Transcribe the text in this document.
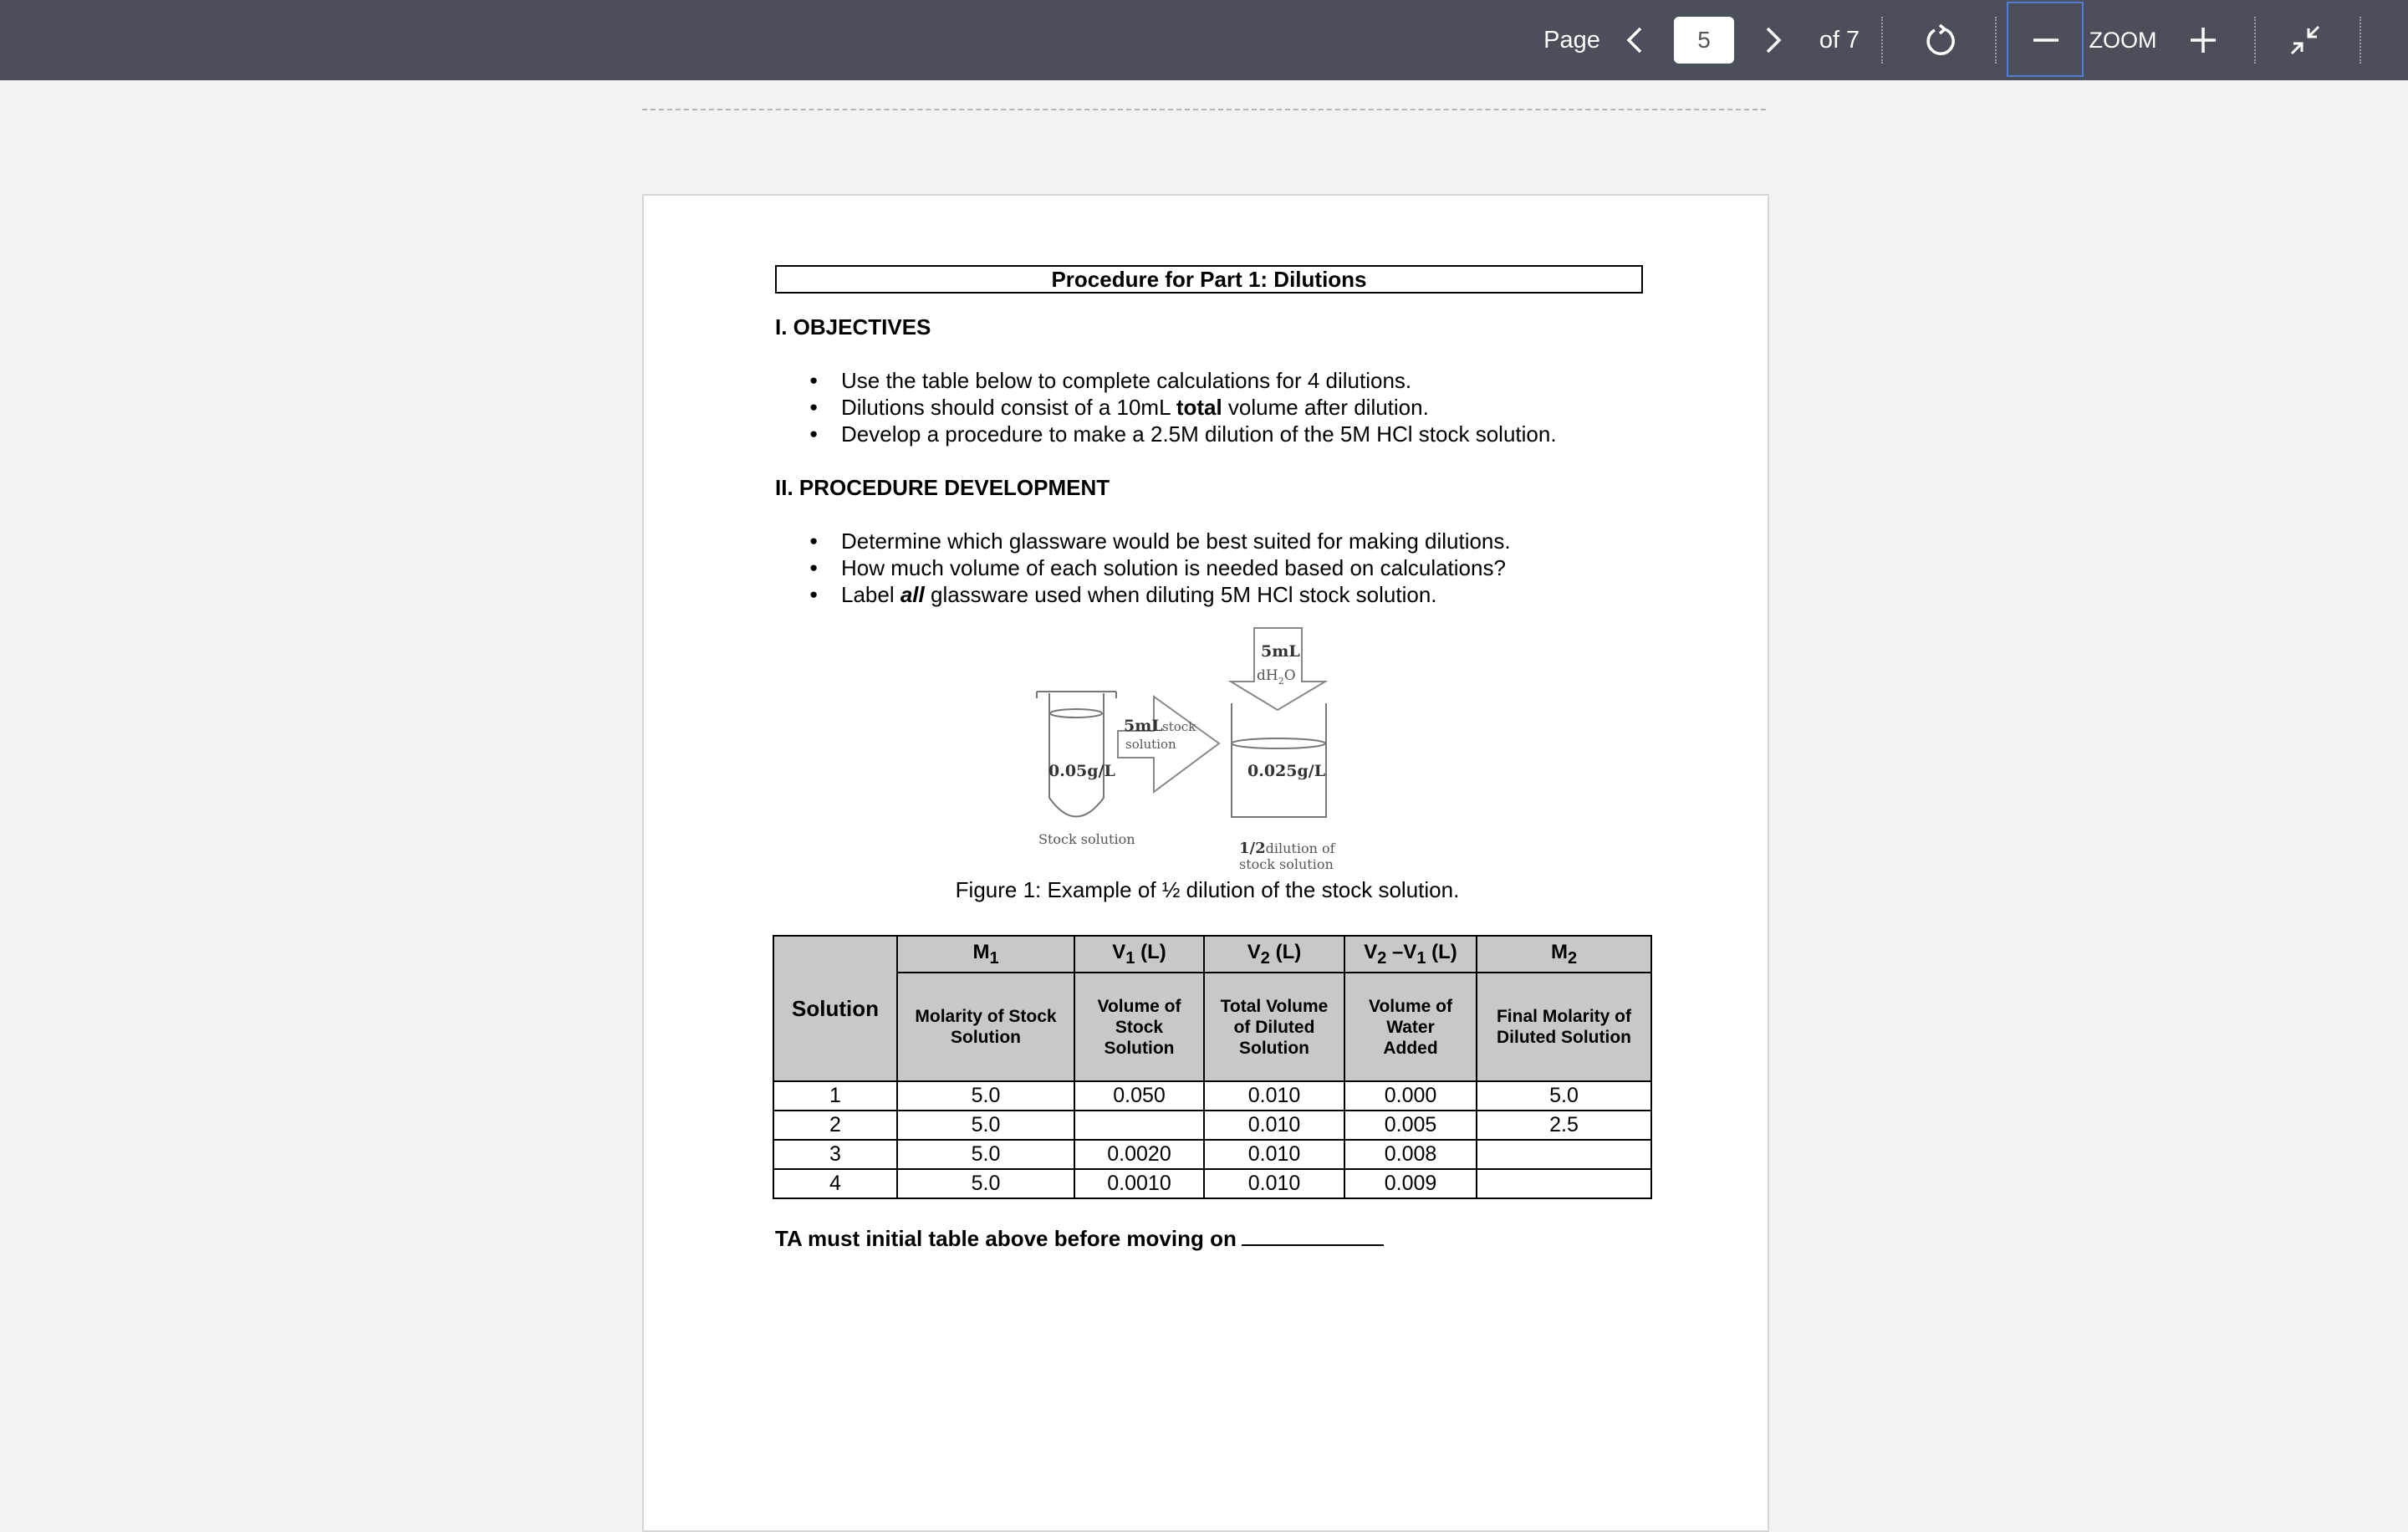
Page
5	of 7	ZOOM
Procedure for Part 1: Dilutions
I. OBJECTIVES
● Use the table below to complete calculations for 4 dilutions.
● Dilutions should consist of a 10mL total volume after dilution.
● Develop a procedure to make a 2.5M dilution of the 5M HCl stock solution.
II. PROCEDURE DEVELOPMENT
● Determine which glassware would be best suited for making dilutions.
● How much volume of each solution is needed based on calculations?
● Label all glassware used when diluting 5M HCl stock solution.
5mL
$dH_2O$
5mL stock
solution
0.05g/L	0.025g/L
Stock solution
1/2dilution of
stock solution
Figure 1: Example of ½ dilution of the stock solution.
Solution	$M_1$	$V_1$ (L)	$V_2$ (L)	$V_2$ $-V_1$ (L)	$M_2$
	Molarity of Stock Solution	Volume of Stock Solution	Total Volume of Diluted Solution	Volume of Water Added	Final Molarity of Diluted Solution
1	5.0	0.050	0.010	0.000	5.0
2	5.0		0.010	0.005	2.5
3	5.0	0.0020	0.010	0.008	
4	5.0	0.0010	0.010	0.009	
TA must initial table above before moving on
